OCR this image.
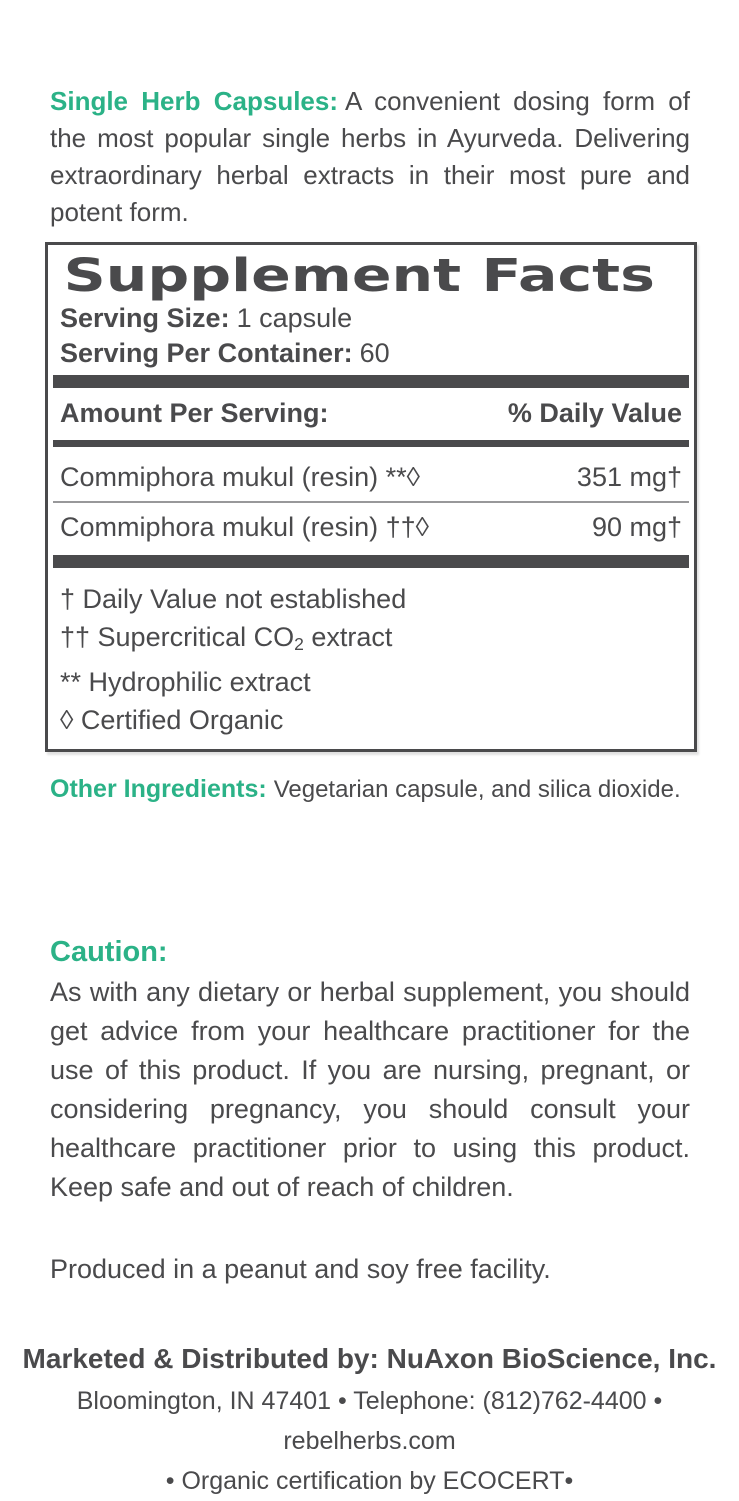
Single Herb Capsules: A convenient dosing form of the most popular single herbs in Ayurveda. Delivering extraordinary herbal extracts in their most pure and potent form.

Supplement Facts
Serving Size: 1 capsule
Serving Per Container: 60
Amount Per Serving:	% Daily Value
Commiphora mukul (resin) **◊	351 mg†
Commiphora mukul (resin) ††◊	90 mg†
† Daily Value not established
†† Supercritical $CO_2$ extract
** Hydrophilic extract
◊ Certified Organic

Other Ingredients: Vegetarian capsule, and silica dioxide.

Caution:

As with any dietary or herbal supplement, you should get advice from your healthcare practitioner for the use of this product. If you are nursing, pregnant, or considering pregnancy, you should consult your healthcare practitioner prior to using this product. Keep safe and out of reach of children.

Produced in a peanut and soy free facility.

Marketed & Distributed by: NuAxon BioScience, Inc.
Bloomington, IN 47401 • Telephone: (812)762-4400 • rebelherbs.com
• Organic certification by ECOCERT•
